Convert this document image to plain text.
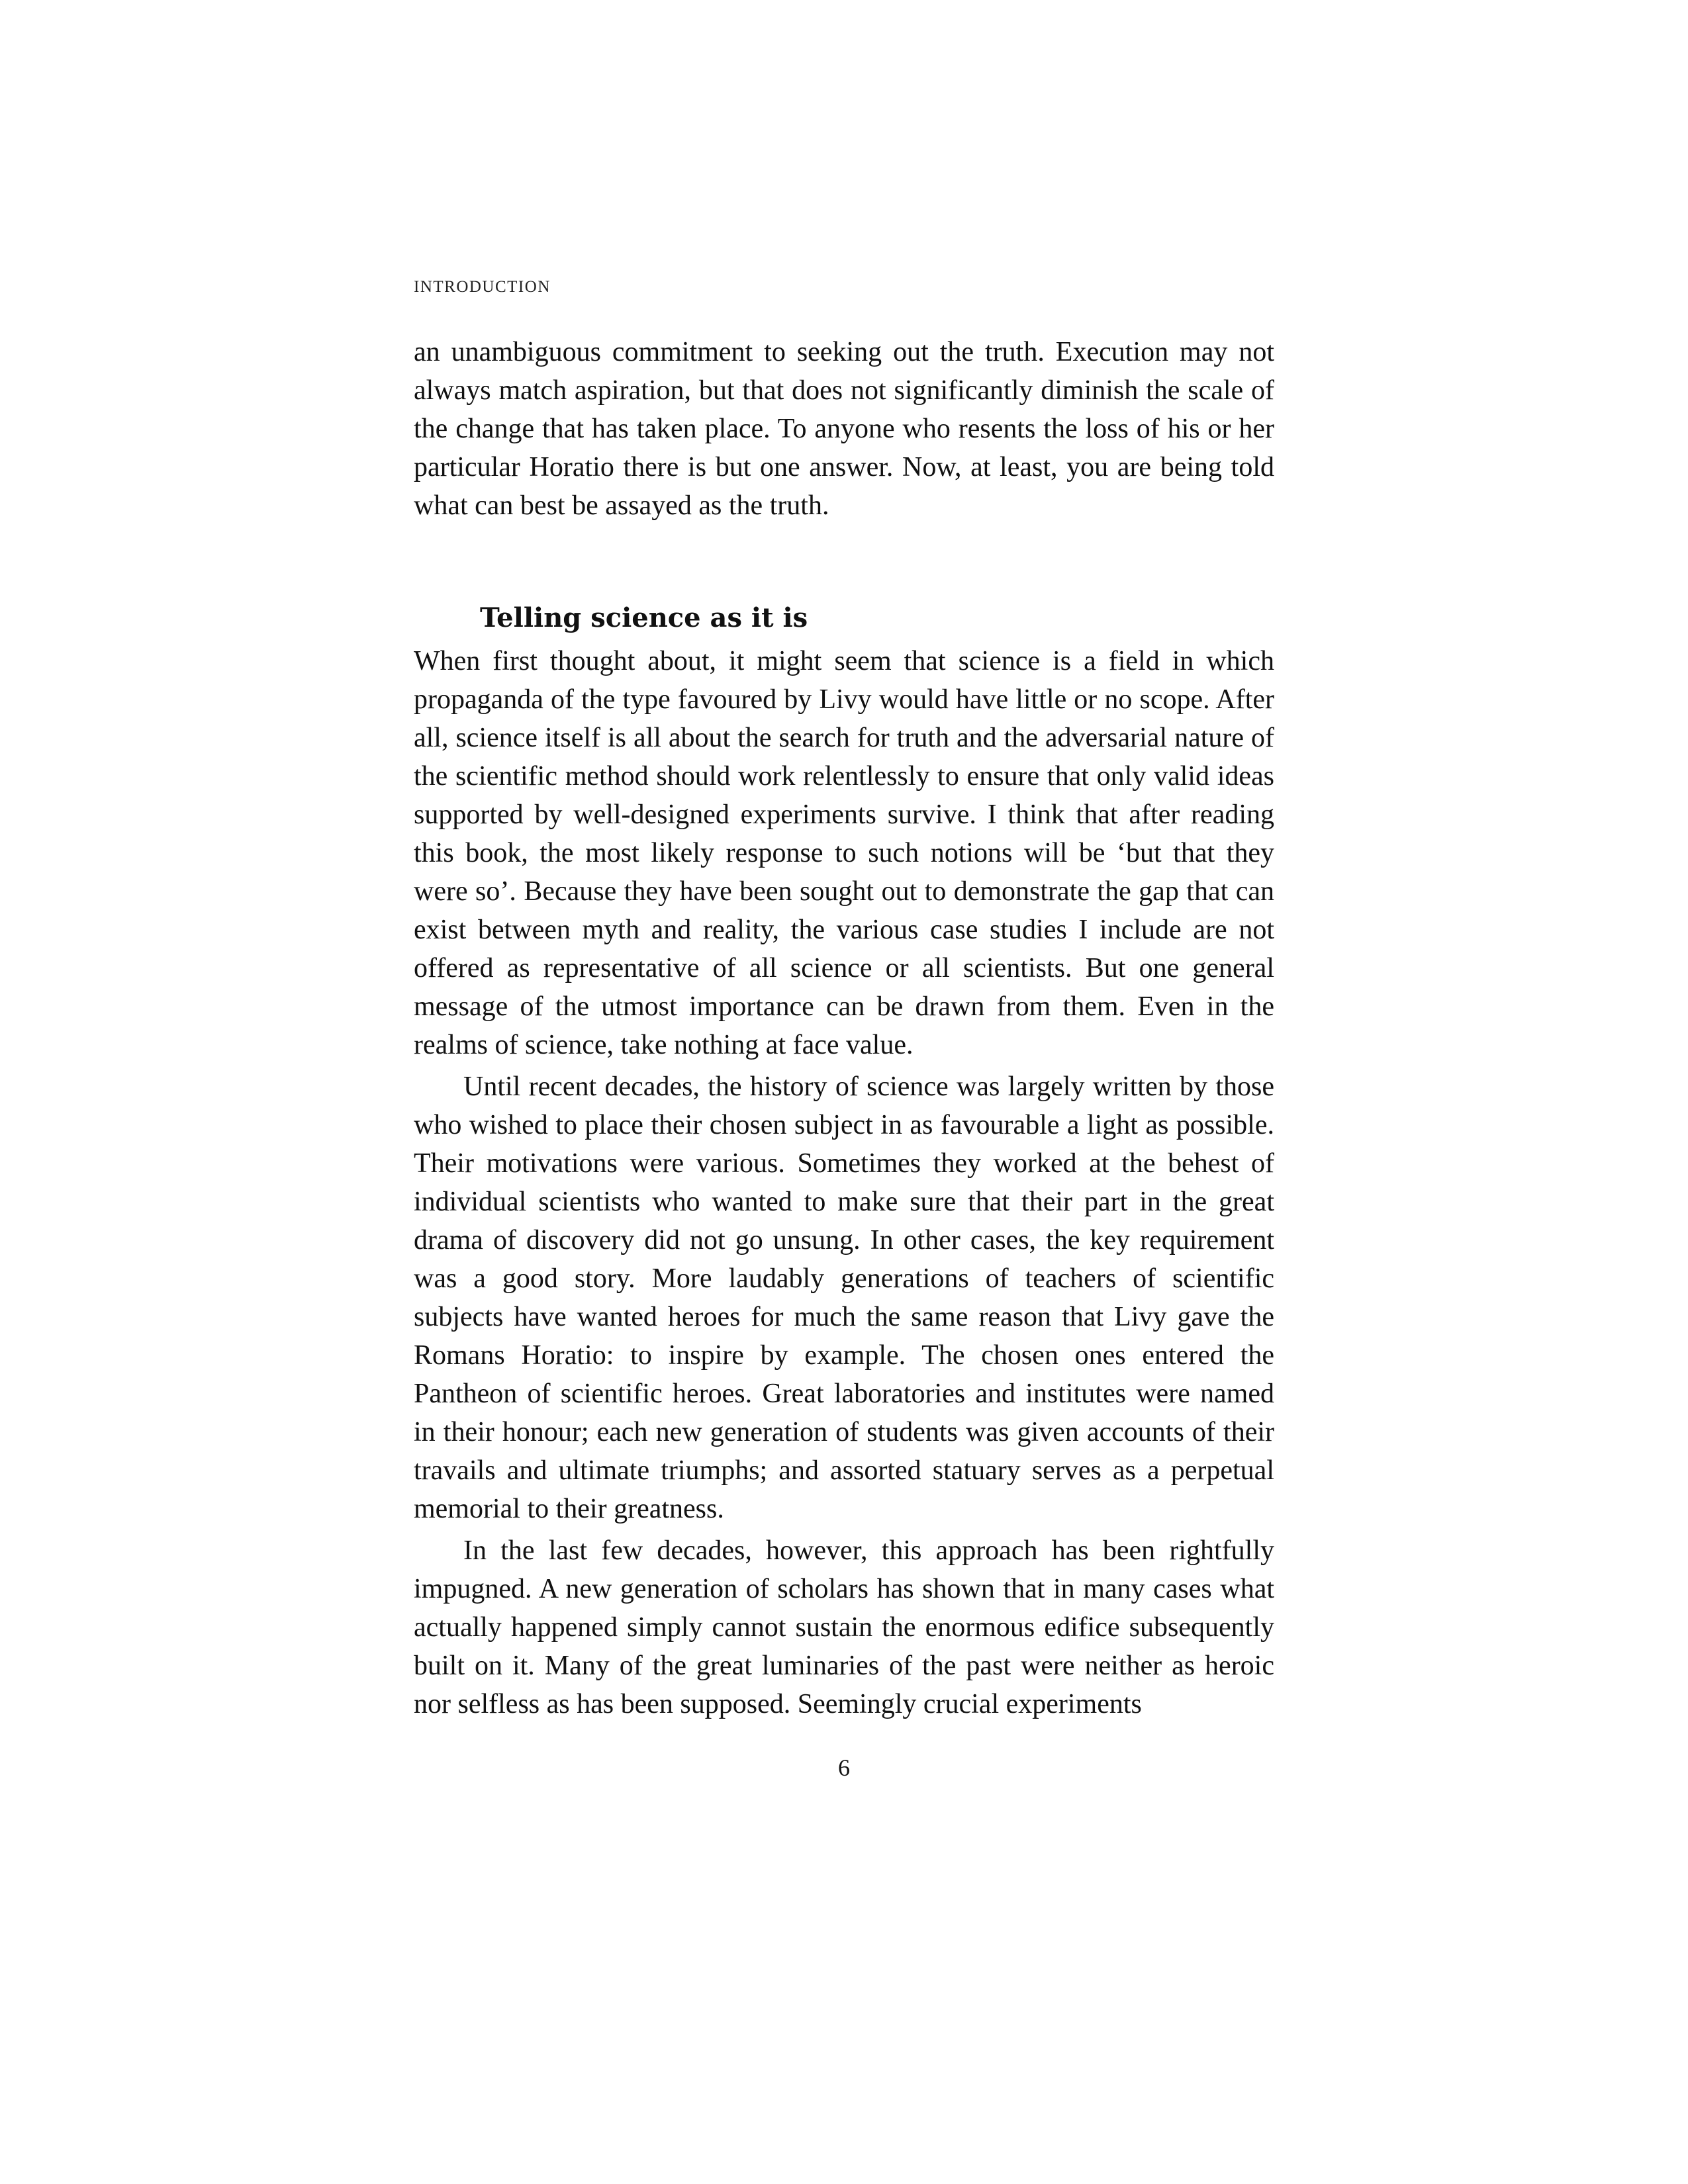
INTRODUCTION

an unambiguous commitment to seeking out the truth. Execution may not always match aspiration, but that does not significantly diminish the scale of the change that has taken place. To anyone who resents the loss of his or her particular Horatio there is but one answer. Now, at least, you are being told what can best be assayed as the truth.

Telling science as it is

When first thought about, it might seem that science is a field in which propaganda of the type favoured by Livy would have little or no scope. After all, science itself is all about the search for truth and the adversarial nature of the scientific method should work relentlessly to ensure that only valid ideas supported by well-designed experiments survive. I think that after reading this book, the most likely response to such notions will be ‘but that they were so’. Because they have been sought out to demonstrate the gap that can exist between myth and reality, the various case studies I include are not offered as representative of all science or all scientists. But one general message of the utmost importance can be drawn from them. Even in the realms of science, take nothing at face value.

Until recent decades, the history of science was largely written by those who wished to place their chosen subject in as favourable a light as possible. Their motivations were various. Sometimes they worked at the behest of individual scientists who wanted to make sure that their part in the great drama of discovery did not go unsung. In other cases, the key requirement was a good story. More laudably generations of teachers of scientific subjects have wanted heroes for much the same reason that Livy gave the Romans Horatio: to inspire by example. The chosen ones entered the Pantheon of scientific heroes. Great laboratories and institutes were named in their honour; each new generation of students was given accounts of their travails and ultimate triumphs; and assorted statuary serves as a perpetual memorial to their greatness.

In the last few decades, however, this approach has been rightfully impugned. A new generation of scholars has shown that in many cases what actually happened simply cannot sustain the enormous edifice subsequently built on it. Many of the great luminaries of the past were neither as heroic nor selfless as has been supposed. Seemingly crucial experiments

6
